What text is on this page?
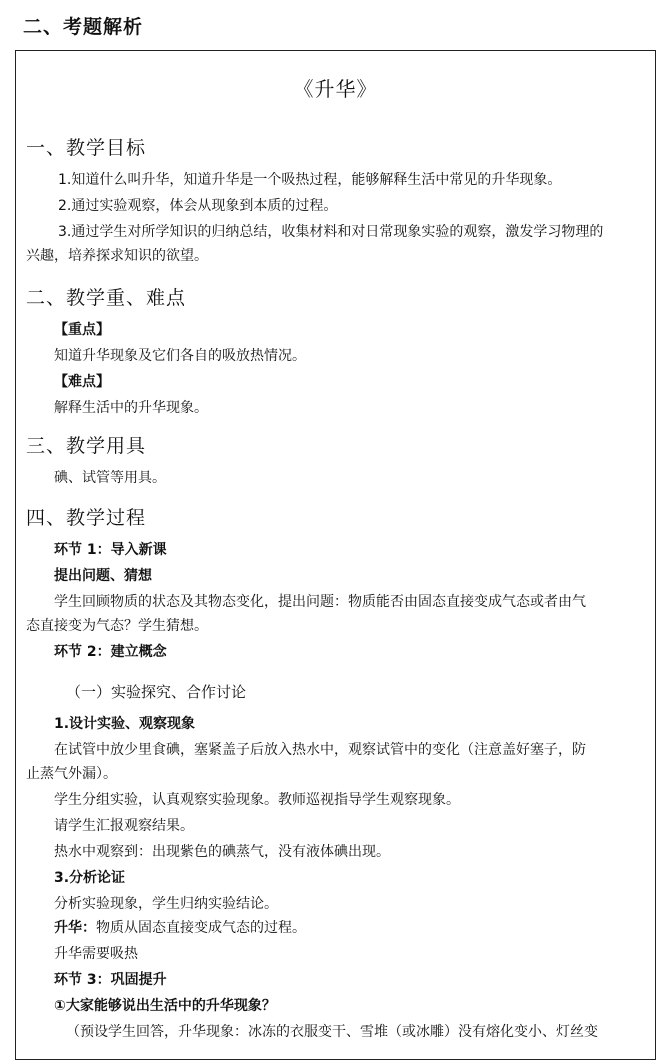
二、考题解析
《升华》
一、教学目标
1.知道什么叫升华，知道升华是一个吸热过程，能够解释生活中常见的升华现象。
2.通过实验观察，体会从现象到本质的过程。
3.通过学生对所学知识的归纳总结，收集材料和对日常现象实验的观察，激发学习物理的
兴趣，培养探求知识的欲望。
二、教学重、难点
【重点】
知道升华现象及它们各自的吸放热情况。
【难点】
解释生活中的升华现象。
三、教学用具
碘、试管等用具。
四、教学过程
环节 1：导入新课
提出问题、猜想
学生回顾物质的状态及其物态变化，提出问题：物质能否由固态直接变成气态或者由气
态直接变为气态？学生猜想。
环节 2：建立概念
（一）实验探究、合作讨论
1.设计实验、观察现象
在试管中放少里食碘，塞紧盖子后放入热水中，观察试管中的变化（注意盖好塞子，防
止蒸气外漏）。
学生分组实验，认真观察实验现象。教师巡视指导学生观察现象。
请学生汇报观察结果。
热水中观察到：出现紫色的碘蒸气，没有液体碘出现。
3.分析论证
分析实验现象，学生归纳实验结论。
升华：物质从固态直接变成气态的过程。
升华需要吸热
环节 3：巩固提升
①大家能够说出生活中的升华现象？
（预设学生回答，升华现象：冰冻的衣服变干、雪堆（或冰雕）没有熔化变小、灯丝变
